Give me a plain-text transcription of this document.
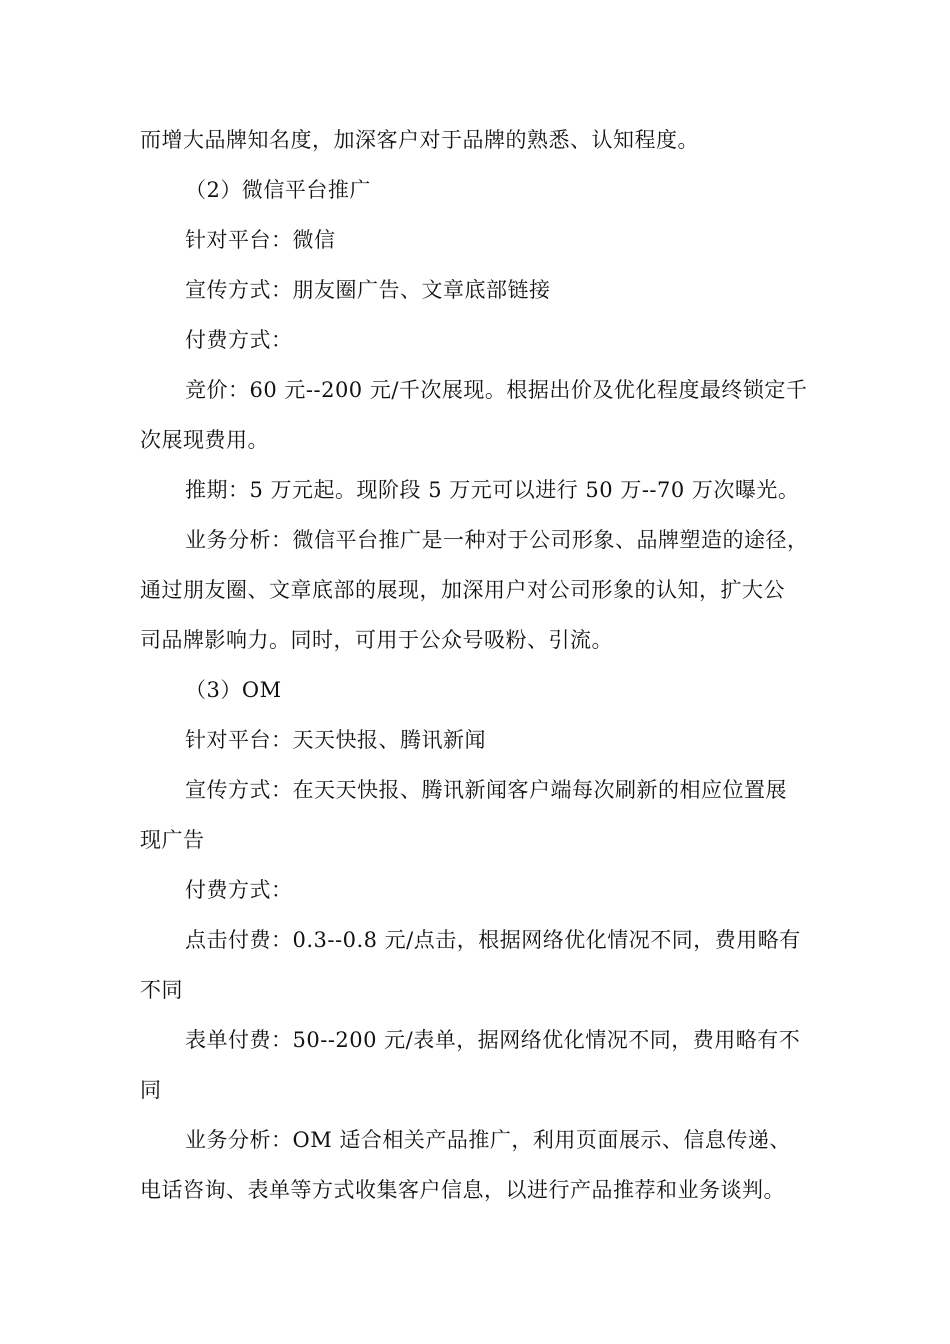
而增大品牌知名度，加深客户对于品牌的熟悉、认知程度。
（2）微信平台推广
针对平台：微信
宣传方式：朋友圈广告、文章底部链接
付费方式：
竞价：60 元--200 元/千次展现。根据出价及优化程度最终锁定千
次展现费用。
推期：5 万元起。现阶段 5 万元可以进行 50 万--70 万次曝光。
业务分析：微信平台推广是一种对于公司形象、品牌塑造的途径，
通过朋友圈、文章底部的展现，加深用户对公司形象的认知，扩大公
司品牌影响力。同时，可用于公众号吸粉、引流。
（3）OM
针对平台：天天快报、腾讯新闻
宣传方式：在天天快报、腾讯新闻客户端每次刷新的相应位置展
现广告
付费方式：
点击付费：0.3--0.8 元/点击，根据网络优化情况不同，费用略有
不同
表单付费：50--200 元/表单，据网络优化情况不同，费用略有不
同
业务分析：OM 适合相关产品推广，利用页面展示、信息传递、
电话咨询、表单等方式收集客户信息，以进行产品推荐和业务谈判。
